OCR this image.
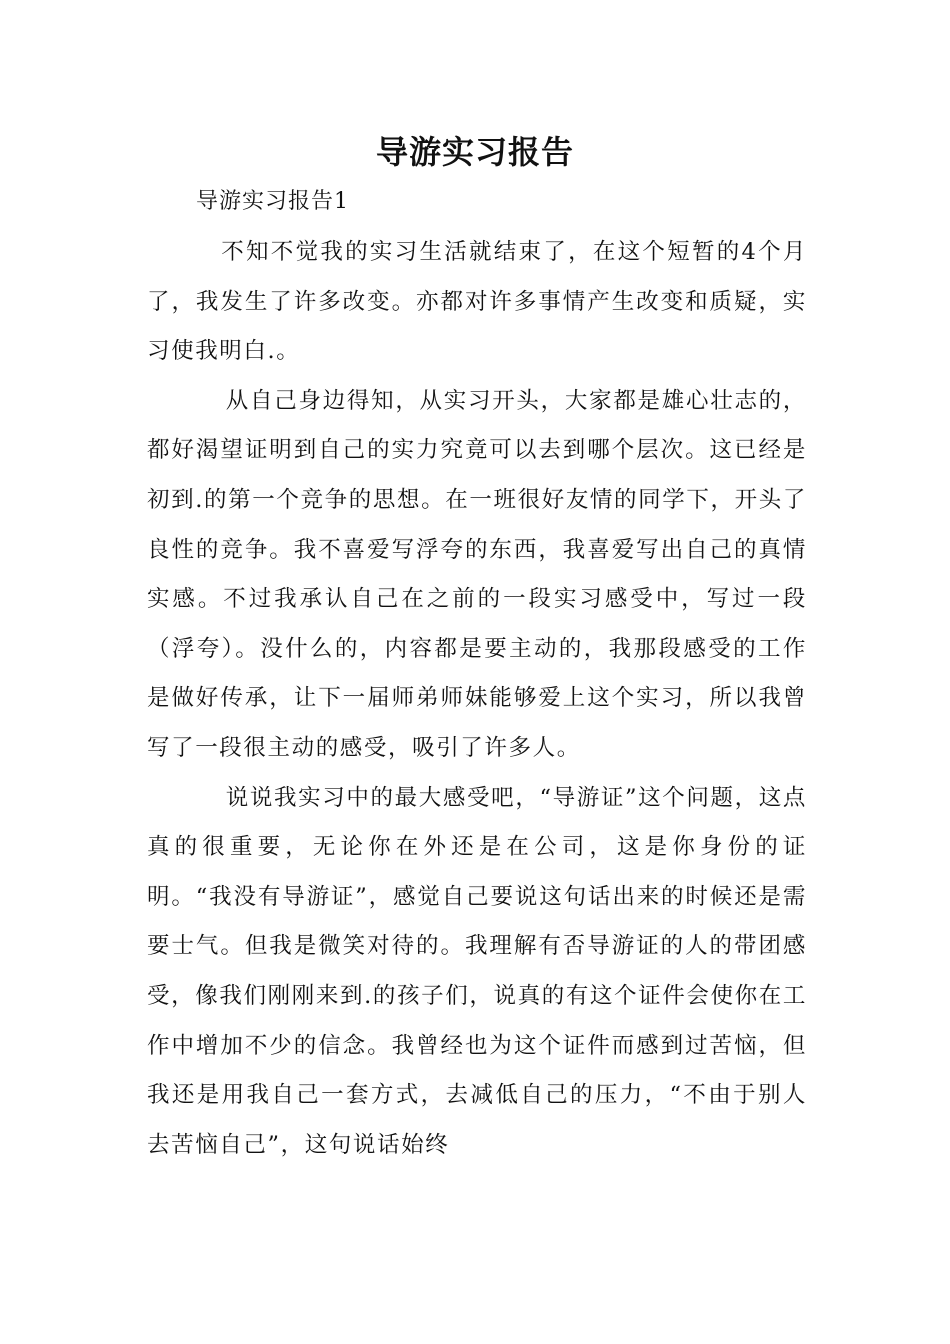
导游实习报告

导游实习报告1

不知不觉我的实习生活就结束了，在这个短暂的4个月了，我发生了许多改变。亦都对许多事情产生改变和质疑，实习使我明白.。

从自己身边得知，从实习开头，大家都是雄心壮志的，都好渴望证明到自己的实力究竟可以去到哪个层次。这已经是初到.的第一个竞争的思想。在一班很好友情的同学下，开头了良性的竞争。我不喜爱写浮夸的东西，我喜爱写出自己的真情实感。不过我承认自己在之前的一段实习感受中，写过一段（浮夸）。没什么的，内容都是要主动的，我那段感受的工作是做好传承，让下一届师弟师妹能够爱上这个实习，所以我曾写了一段很主动的感受，吸引了许多人。

说说我实习中的最大感受吧，“导游证”这个问题，这点真的很重要，无论你在外还是在公司，这是你身份的证明。“我没有导游证”，感觉自己要说这句话出来的时候还是需要士气。但我是微笑对待的。我理解有否导游证的人的带团感受，像我们刚刚来到.的孩子们，说真的有这个证件会使你在工作中增加不少的信念。我曾经也为这个证件而感到过苦恼，但我还是用我自己一套方式，去减低自己的压力，“不由于别人去苦恼自己”，这句说话始终
